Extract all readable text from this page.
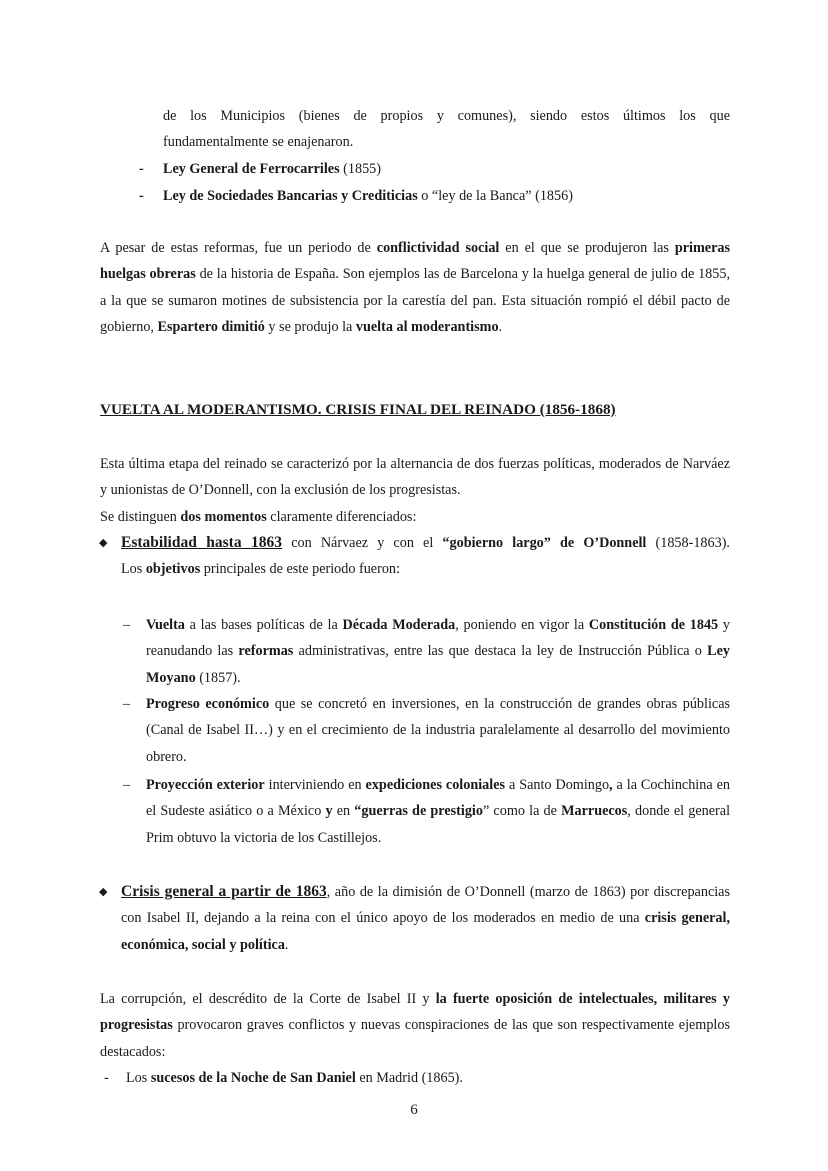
de los Municipios (bienes de propios y comunes), siendo estos últimos los que

fundamentalmente se enajenaron.

- Ley General de Ferrocarriles (1855)
- Ley de Sociedades Bancarias y Crediticias o “ley de la Banca” (1856)
A pesar de estas reformas, fue un periodo de conflictividad social en el que se produjeron las primeras huelgas obreras de la historia de España. Son ejemplos las de Barcelona y la huelga general de julio de 1855, a la que se sumaron motines de subsistencia por la carestía del pan. Esta situación rompió el débil pacto de gobierno, Espartero dimitió y se produjo la vuelta al moderantismo.
VUELTA AL MODERANTISMO. CRISIS FINAL DEL REINADO (1856-1868)

Esta última etapa del reinado se caracterizó por la alternancia de dos fuerzas políticas, moderados de Narváez y unionistas de O’Donnell, con la exclusión de los progresistas.

Se distinguen dos momentos claramente diferenciados:

◆ Estabilidad hasta 1863 con Nárvaez y con el “gobierno largo” de O’Donnell (1858-1863).

Los objetivos principales de este periodo fueron:

– Vuelta a las bases políticas de la Década Moderada, poniendo en vigor la Constitución de 1845 y reanudando las reformas administrativas, entre las que destaca la ley de Instrucción Pública o Ley Moyano (1857).
– Progreso económico que se concretó en inversiones, en la construcción de grandes obras públicas (Canal de Isabel II…) y en el crecimiento de la industria paralelamente al desarrollo del movimiento obrero.
– Proyección exterior interviniendo en expediciones coloniales a Santo Domingo, a la Cochinchina en el Sudeste asiático o a México y en “guerras de prestigio” como la de Marruecos, donde el general Prim obtuvo la victoria de los Castillejos.
◆ Crisis general a partir de 1863, año de la dimisión de O’Donnell (marzo de 1863) por discrepancias con Isabel II, dejando a la reina con el único apoyo de los moderados en medio de una crisis general, económica, social y política.
La corrupción, el descrédito de la Corte de Isabel II y la fuerte oposición de intelectuales, militares y progresistas provocaron graves conflictos y nuevas conspiraciones de las que son respectivamente ejemplos destacados:
- Los sucesos de la Noche de San Daniel en Madrid (1865).
6
